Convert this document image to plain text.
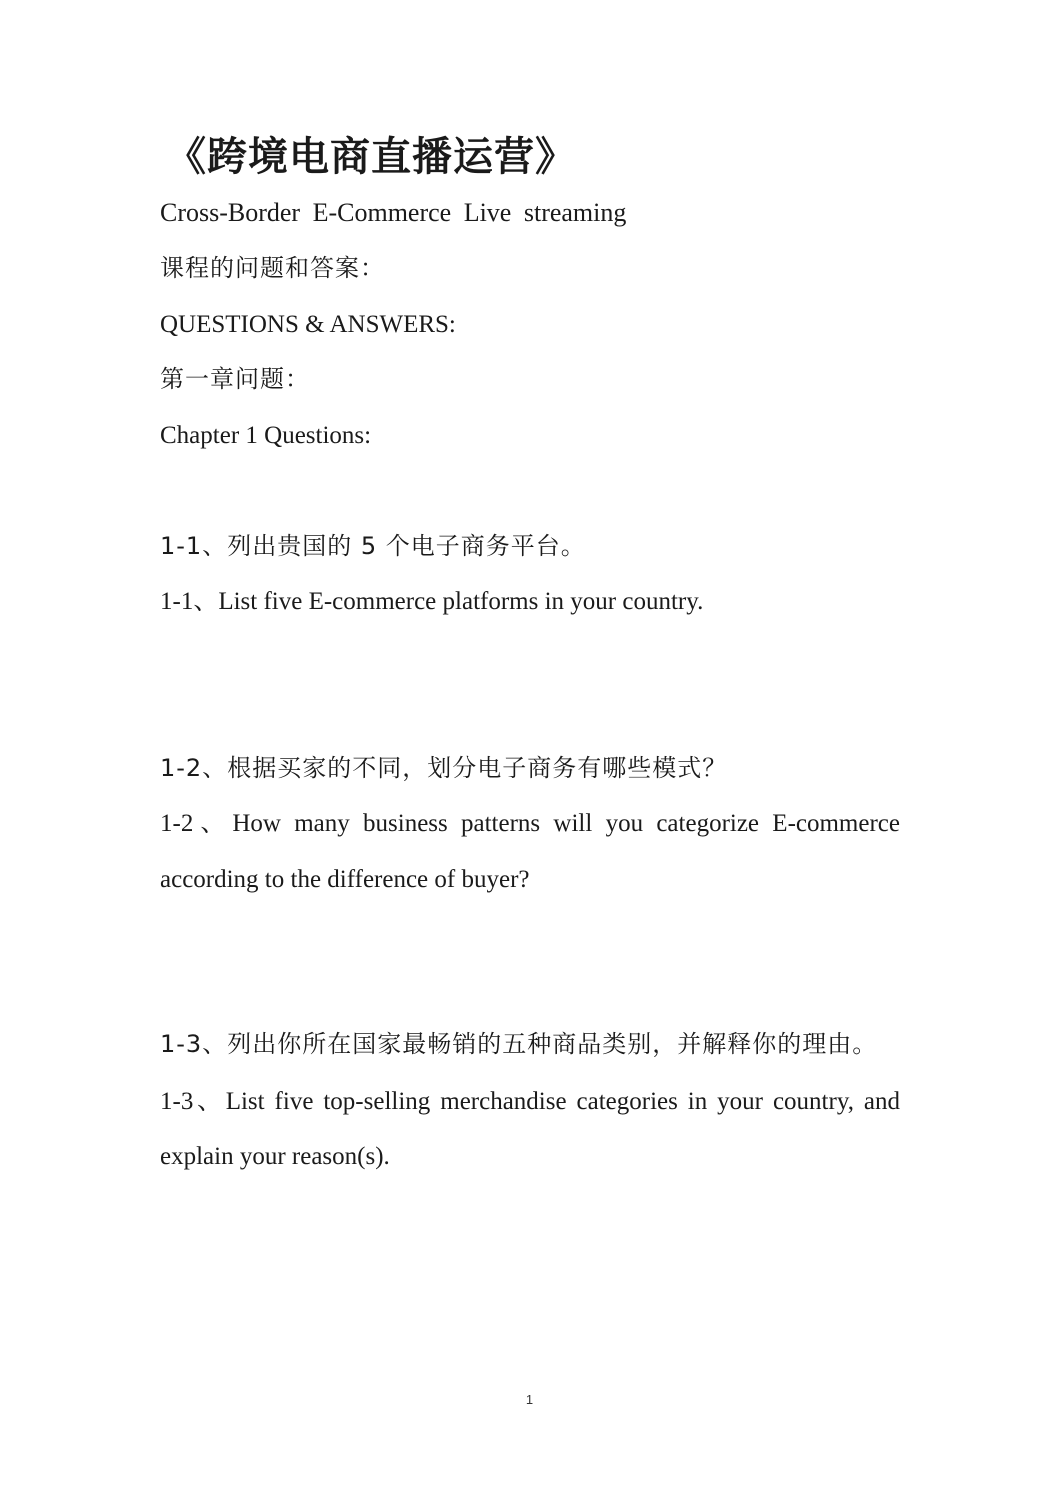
《跨境电商直播运营》
Cross-Border E-Commerce Live streaming
课程的问题和答案：
QUESTIONS & ANSWERS:
第一章问题：
Chapter 1 Questions:
1-1、列出贵国的 5 个电子商务平台。
1-1、List five E-commerce platforms in your country.
1-2、根据买家的不同，划分电子商务有哪些模式？
1-2、How many business patterns will you categorize E-commerce
according to the difference of buyer?
1-3、列出你所在国家最畅销的五种商品类别，并解释你的理由。
1-3、List five top-selling merchandise categories in your country, and
explain your reason(s).
1
